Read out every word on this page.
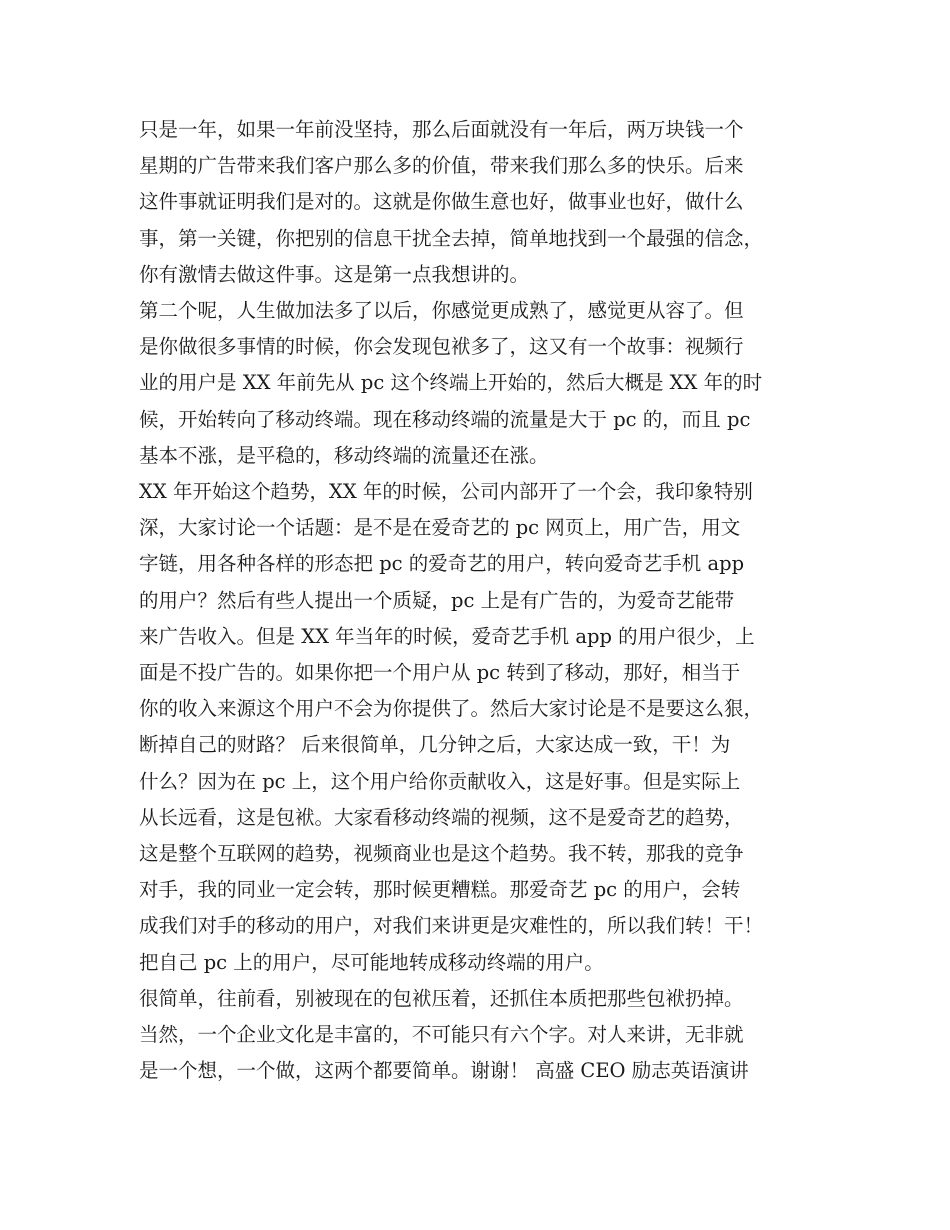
只是一年，如果一年前没坚持，那么后面就没有一年后，两万块钱一个
星期的广告带来我们客户那么多的价值，带来我们那么多的快乐。后来
这件事就证明我们是对的。这就是你做生意也好，做事业也好，做什么
事，第一关键，你把别的信息干扰全去掉，简单地找到一个最强的信念，
你有激情去做这件事。这是第一点我想讲的。

第二个呢，人生做加法多了以后，你感觉更成熟了，感觉更从容了。但
是你做很多事情的时候，你会发现包袱多了，这又有一个故事：视频行
业的用户是 XX 年前先从 pc 这个终端上开始的，然后大概是 XX 年的时
候，开始转向了移动终端。现在移动终端的流量是大于 pc 的，而且 pc
基本不涨，是平稳的，移动终端的流量还在涨。

XX 年开始这个趋势，XX 年的时候，公司内部开了一个会，我印象特别
深，大家讨论一个话题：是不是在爱奇艺的 pc 网页上，用广告，用文
字链，用各种各样的形态把 pc 的爱奇艺的用户，转向爱奇艺手机 app
的用户？然后有些人提出一个质疑，pc 上是有广告的，为爱奇艺能带
来广告收入。但是 XX 年当年的时候，爱奇艺手机 app 的用户很少，上
面是不投广告的。如果你把一个用户从 pc 转到了移动，那好，相当于
你的收入来源这个用户不会为你提供了。然后大家讨论是不是要这么狠，
断掉自己的财路？ 后来很简单，几分钟之后，大家达成一致，干！为
什么？因为在 pc 上，这个用户给你贡献收入，这是好事。但是实际上
从长远看，这是包袱。大家看移动终端的视频，这不是爱奇艺的趋势，
这是整个互联网的趋势，视频商业也是这个趋势。我不转，那我的竞争
对手，我的同业一定会转，那时候更糟糕。那爱奇艺 pc 的用户，会转
成我们对手的移动的用户，对我们来讲更是灾难性的，所以我们转！干！
把自己 pc 上的用户，尽可能地转成移动终端的用户。

很简单，往前看，别被现在的包袱压着，还抓住本质把那些包袱扔掉。
当然，一个企业文化是丰富的，不可能只有六个字。对人来讲，无非就
是一个想，一个做，这两个都要简单。谢谢！ 高盛 CEO 励志英语演讲
